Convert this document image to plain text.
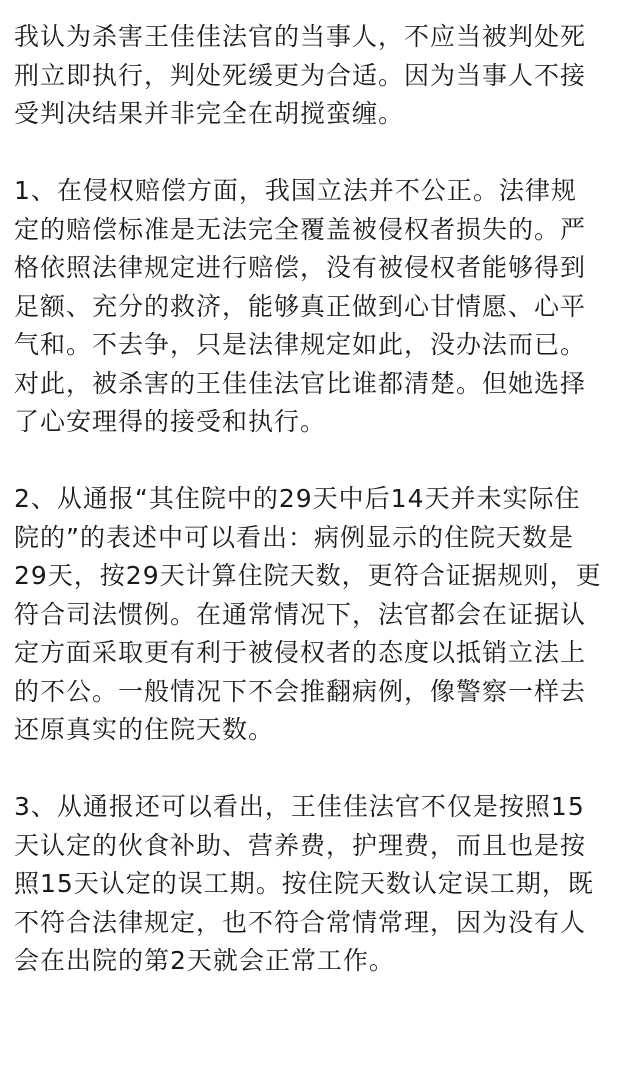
我认为杀害王佳佳法官的当事人，不应当被判处死
刑立即执行，判处死缓更为合适。因为当事人不接
受判决结果并非完全在胡搅蛮缠。
1、在侵权赔偿方面，我国立法并不公正。法律规
定的赔偿标准是无法完全覆盖被侵权者损失的。严
格依照法律规定进行赔偿，没有被侵权者能够得到
足额、充分的救济，能够真正做到心甘情愿、心平
气和。不去争，只是法律规定如此，没办法而已。
对此，被杀害的王佳佳法官比谁都清楚。但她选择
了心安理得的接受和执行。
2、从通报“其住院中的29天中后14天并未实际住
院的”的表述中可以看出：病例显示的住院天数是
29天，按29天计算住院天数，更符合证据规则，更
符合司法惯例。在通常情况下，法官都会在证据认
定方面采取更有利于被侵权者的态度以抵销立法上
的不公。一般情况下不会推翻病例，像警察一样去
还原真实的住院天数。
3、从通报还可以看出，王佳佳法官不仅是按照15
天认定的伙食补助、营养费，护理费，而且也是按
照15天认定的误工期。按住院天数认定误工期，既
不符合法律规定，也不符合常情常理，因为没有人
会在出院的第2天就会正常工作。
